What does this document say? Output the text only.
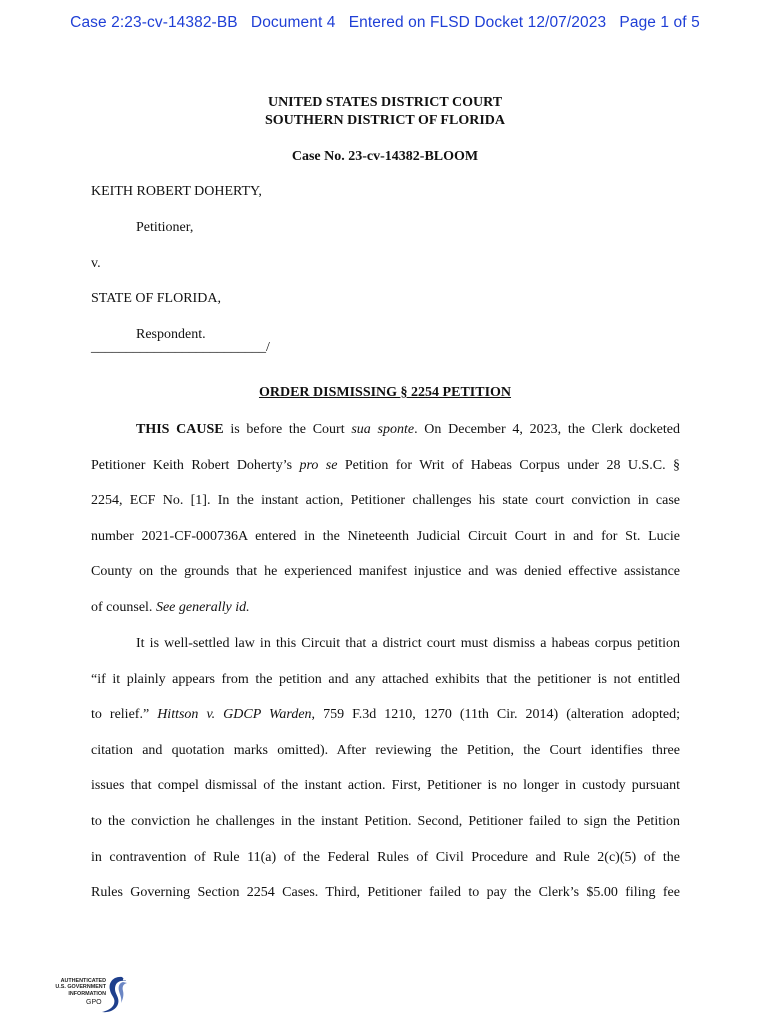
Case 2:23-cv-14382-BB   Document 4   Entered on FLSD Docket 12/07/2023   Page 1 of 5
UNITED STATES DISTRICT COURT
SOUTHERN DISTRICT OF FLORIDA
Case No. 23-cv-14382-BLOOM
KEITH ROBERT DOHERTY,
Petitioner,
v.
STATE OF FLORIDA,
Respondent.
_________________________/
ORDER DISMISSING § 2254 PETITION
THIS CAUSE is before the Court sua sponte. On December 4, 2023, the Clerk docketed
Petitioner Keith Robert Doherty’s pro se Petition for Writ of Habeas Corpus under 28 U.S.C. §
2254, ECF No. [1]. In the instant action, Petitioner challenges his state court conviction in case
number 2021-CF-000736A entered in the Nineteenth Judicial Circuit Court in and for St. Lucie
County on the grounds that he experienced manifest injustice and was denied effective assistance
of counsel. See generally id.
It is well-settled law in this Circuit that a district court must dismiss a habeas corpus petition
“if it plainly appears from the petition and any attached exhibits that the petitioner is not entitled
to relief.” Hittson v. GDCP Warden, 759 F.3d 1210, 1270 (11th Cir. 2014) (alteration adopted;
citation and quotation marks omitted). After reviewing the Petition, the Court identifies three
issues that compel dismissal of the instant action. First, Petitioner is no longer in custody pursuant
to the conviction he challenges in the instant Petition. Second, Petitioner failed to sign the Petition
in contravention of Rule 11(a) of the Federal Rules of Civil Procedure and Rule 2(c)(5) of the
Rules Governing Section 2254 Cases. Third, Petitioner failed to pay the Clerk’s $5.00 filing fee
AUTHENTICATED
U.S. GOVERNMENT
INFORMATION
GPO
